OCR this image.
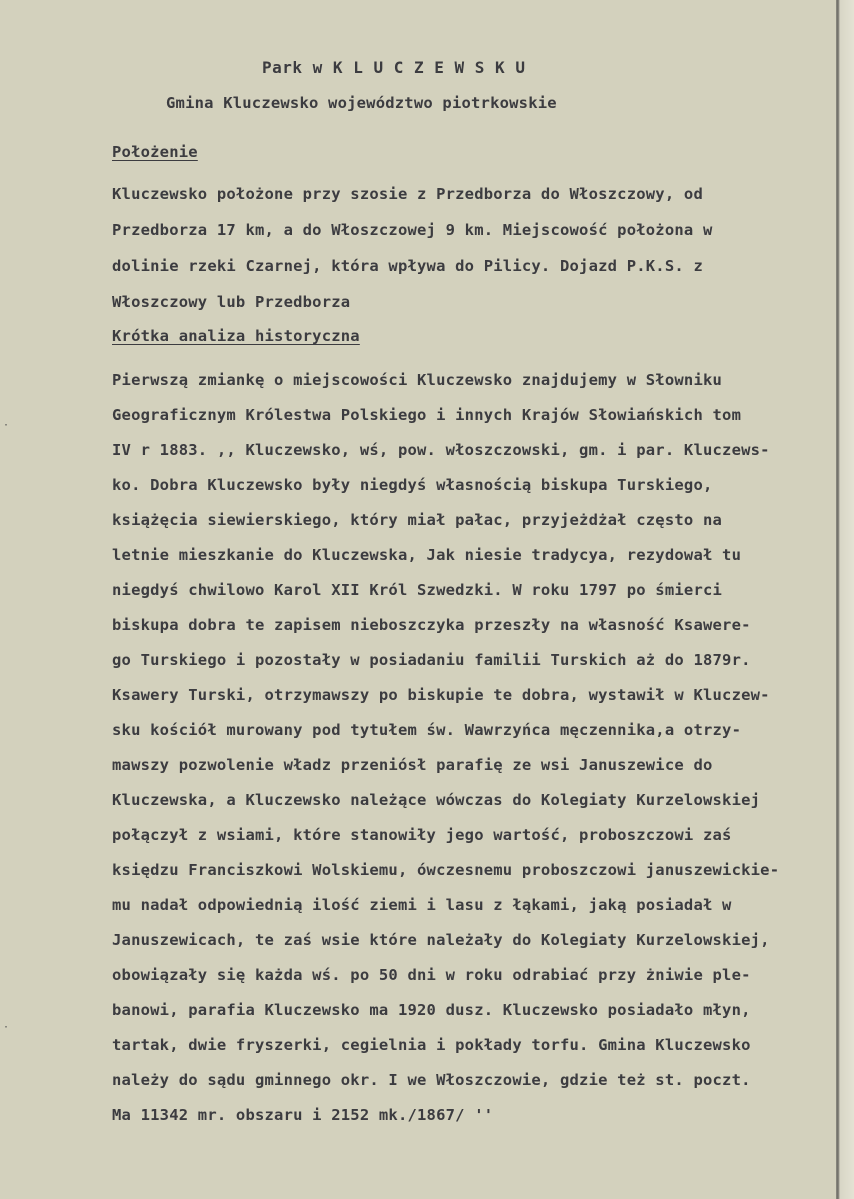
Park w K L U C Z E W S K U

Gmina Kluczewsko województwo piotrkowskie

Położenie

Kluczewsko położone przy szosie z Przedborza do Włoszczowy, od

Przedborza 17 km, a do Włoszczowej 9 km. Miejscowość położona w

dolinie rzeki Czarnej, która wpływa do Pilicy. Dojazd P.K.S. z

Włoszczowy lub Przedborza

Krótka analiza historyczna

Pierwszą zmiankę o miejscowości Kluczewsko znajdujemy w Słowniku

Geograficznym Królestwa Polskiego i innych Krajów Słowiańskich tom

IV r 1883. ,, Kluczewsko, wś, pow. włoszczowski, gm. i par. Kluczews-

ko. Dobra Kluczewsko były niegdyś własnością biskupa Turskiego,

książęcia siewierskiego, który miał pałac, przyjeżdżał często na

letnie mieszkanie do Kluczewska, Jak niesie tradycya, rezydował tu

niegdyś chwilowo Karol XII Król Szwedzki. W roku 1797 po śmierci

biskupa dobra te zapisem nieboszczyka przeszły na własność Ksawere-

go Turskiego i pozostały w posiadaniu familii Turskich aż do 1879r.

Ksawery Turski, otrzymawszy po biskupie te dobra, wystawił w Kluczew-

sku kościół murowany pod tytułem św. Wawrzyńca męczennika,a otrzy-

mawszy pozwolenie władz przeniósł parafię ze wsi Januszewice do

Kluczewska, a Kluczewsko należące wówczas do Kolegiaty Kurzelowskiej

połączył z wsiami, które stanowiły jego wartość, proboszczowi zaś

księdzu Franciszkowi Wolskiemu, ówczesnemu proboszczowi januszewickie-

mu nadał odpowiednią ilość ziemi i lasu z łąkami, jaką posiadał w

Januszewicach, te zaś wsie które należały do Kolegiaty Kurzelowskiej,

obowiązały się każda wś. po 50 dni w roku odrabiać przy żniwie ple-

banowi, parafia Kluczewsko ma 1920 dusz. Kluczewsko posiadało młyn,

tartak, dwie fryszerki, cegielnia i pokłady torfu. Gmina Kluczewsko

należy do sądu gminnego okr. I we Włoszczowie, gdzie też st. poczt.

Ma 11342 mr. obszaru i 2152 mk./1867/ ''

·
·
